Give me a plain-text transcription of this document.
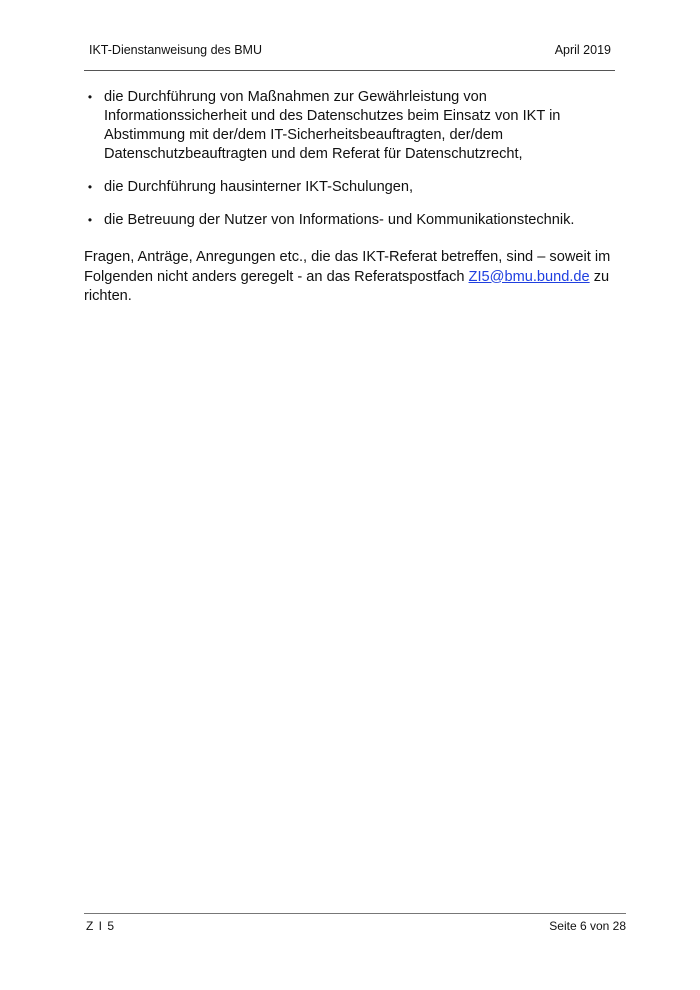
IKT-Dienstanweisung des BMU	April 2019
• die Durchführung von Maßnahmen zur Gewährleistung von Informationssicherheit und des Datenschutzes beim Einsatz von IKT in Abstimmung mit der/dem IT-Sicherheitsbeauftragten, der/dem Datenschutzbeauftragten und dem Referat für Datenschutzrecht,
• die Durchführung hausinterner IKT-Schulungen,
• die Betreuung der Nutzer von Informations- und Kommunikationstechnik.

Fragen, Anträge, Anregungen etc., die das IKT-Referat betreffen, sind – soweit im Folgenden nicht anders geregelt - an das Referatspostfach ZI5@bmu.bund.de zu richten.

Z I 5	Seite 6 von 28
